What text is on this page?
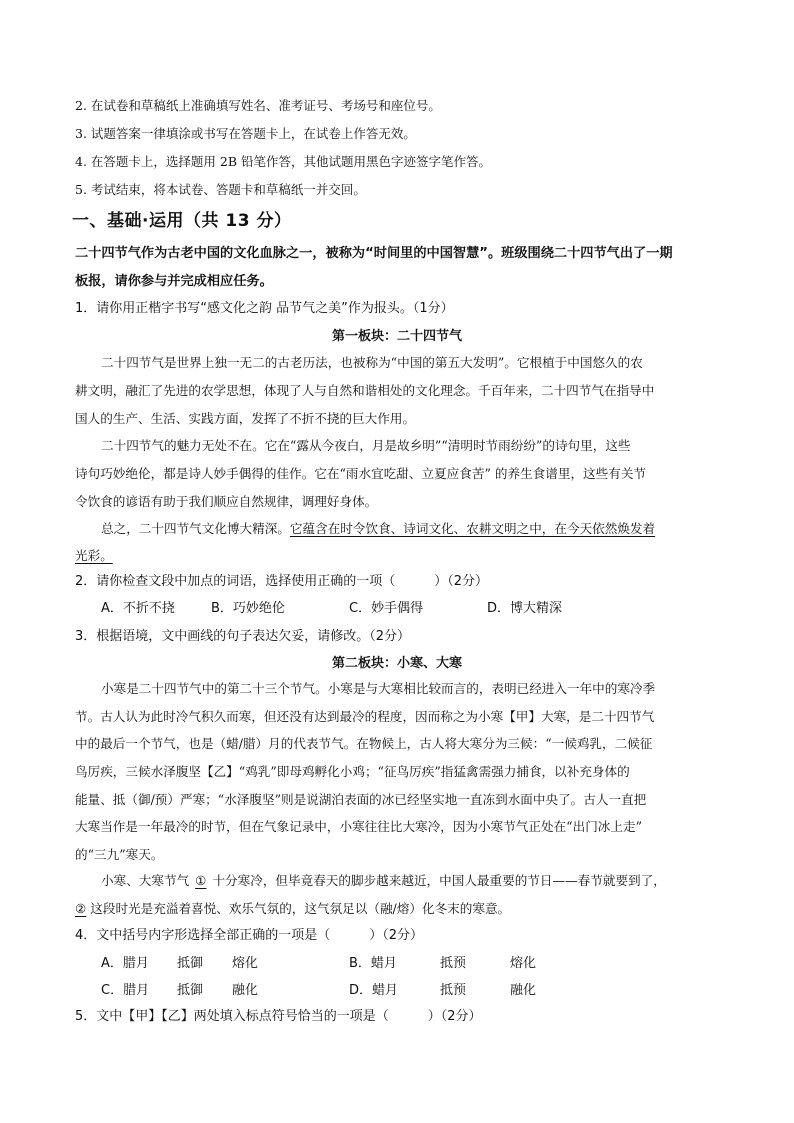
2. 在试卷和草稿纸上准确填写姓名、准考证号、考场号和座位号。
3. 试题答案一律填涂或书写在答题卡上，在试卷上作答无效。
4. 在答题卡上，选择题用 2B 铅笔作答，其他试题用黑色字迹签字笔作答。
5. 考试结束，将本试卷、答题卡和草稿纸一并交回。
一、基础·运用（共 13 分）
二十四节气作为古老中国的文化血脉之一，被称为“时间里的中国智慧”。班级围绕二十四节气出了一期
板报，请你参与并完成相应任务。
1．请你用正楷字书写“感文化之韵 品节气之美”作为报头。（1分）
第一板块：二十四节气
二十四节气是世界上独一无二的古老历法，也被称为“中国的第五大发明”。它根植于中国悠久的农
耕文明，融汇了先进的农学思想，体现了人与自然和谐相处的文化理念。千百年来，二十四节气在指导中
国人的生产、生活、实践方面，发挥了不折不挠的巨大作用。
二十四节气的魅力无处不在。它在“露从今夜白，月是故乡明”“清明时节雨纷纷”的诗句里，这些
诗句巧妙绝伦，都是诗人妙手偶得的佳作。它在“雨水宜吃甜、立夏应食苦” 的养生食谱里，这些有关节
令饮食的谚语有助于我们顺应自然规律，调理好身体。
总之，二十四节气文化博大精深。它蕴含在时令饮食、诗词文化、农耕文明之中，在今天依然焕发着
光彩。
2．请你检查文段中加点的词语，选择使用正确的一项（　　　）（2分）
A．不折不挠	B．巧妙绝伦	C．妙手偶得	D．博大精深
3．根据语境，文中画线的句子表达欠妥，请修改。（2分）
第二板块：小寒、大寒
小寒是二十四节气中的第二十三个节气。小寒是与大寒相比较而言的，表明已经进入一年中的寒冷季
节。古人认为此时冷气积久而寒，但还没有达到最冷的程度，因而称之为小寒【甲】大寒，是二十四节气
中的最后一个节气，也是（蜡/腊）月的代表节气。在物候上，古人将大寒分为三候：“一候鸡乳，二候征
鸟厉疾，三候水泽腹坚【乙】“鸡乳”即母鸡孵化小鸡；“征鸟厉疾”指猛禽需强力捕食，以补充身体的
能量、抵（御/预）严寒；“水泽腹坚”则是说湖泊表面的冰已经坚实地一直冻到水面中央了。古人一直把
大寒当作是一年最冷的时节，但在气象记录中，小寒往往比大寒冷，因为小寒节气正处在“出门冰上走”
的“三九”寒天。
小寒、大寒节气 ① 十分寒冷，但毕竟春天的脚步越来越近，中国人最重要的节日——春节就要到了，
② 这段时光是充溢着喜悦、欢乐气氛的，这气氛足以（融/熔）化冬末的寒意。
4．文中括号内字形选择全部正确的一项是（　　　）（2分）
A．腊月 抵御 熔化	B．蜡月	抵预	熔化
C．腊月 抵御 融化	D．蜡月	抵预	融化
5．文中【甲】【乙】两处填入标点符号恰当的一项是（　　　）（2分）
